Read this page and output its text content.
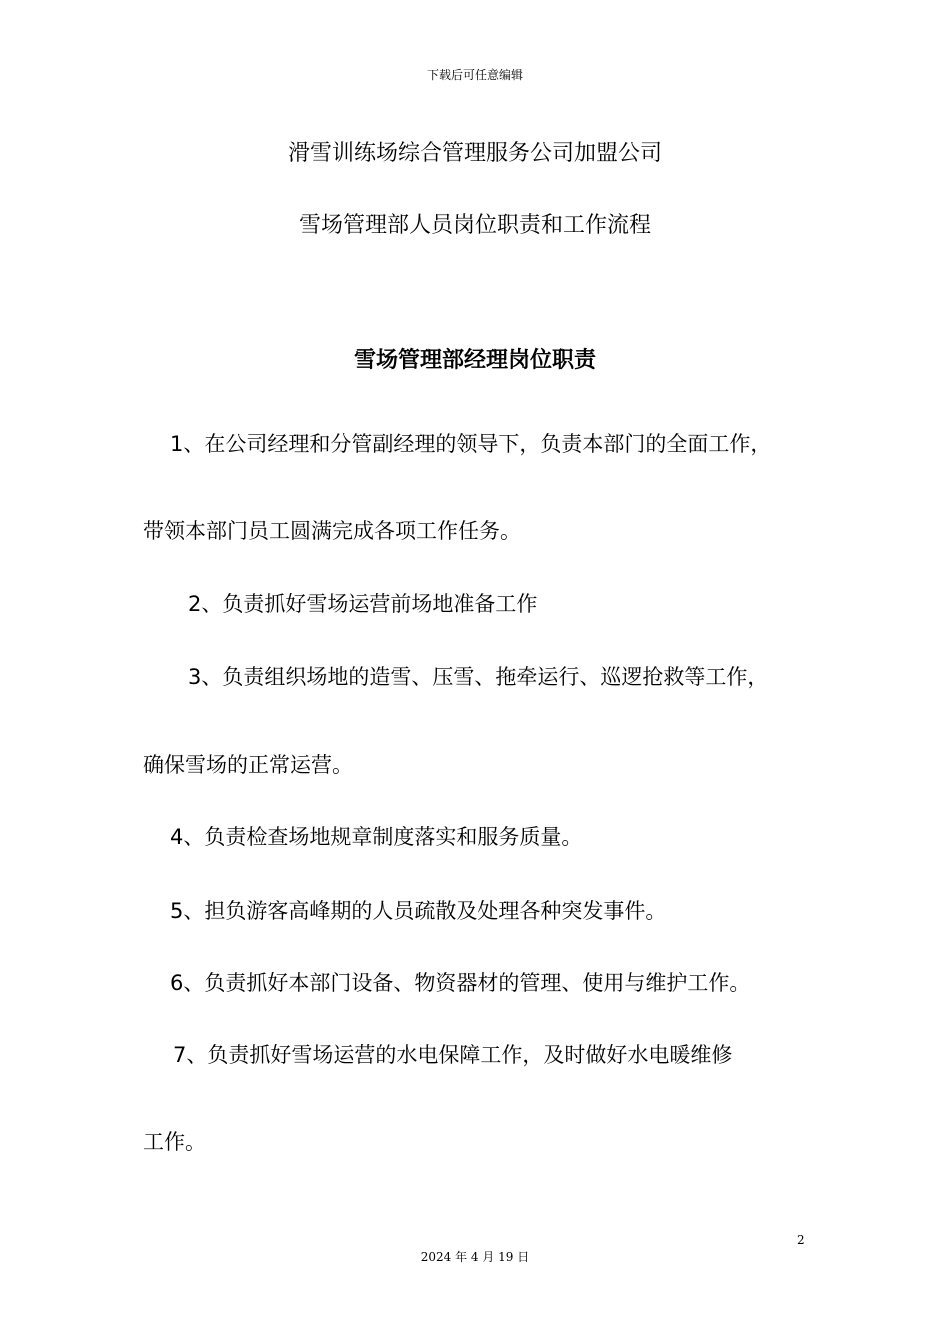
下载后可任意编辑
滑雪训练场综合管理服务公司加盟公司
雪场管理部人员岗位职责和工作流程
雪场管理部经理岗位职责
1、在公司经理和分管副经理的领导下，负责本部门的全面工作，
带领本部门员工圆满完成各项工作任务。
2、负责抓好雪场运营前场地准备工作
3、负责组织场地的造雪、压雪、拖牵运行、巡逻抢救等工作，
确保雪场的正常运营。
4、负责检查场地规章制度落实和服务质量。
5、担负游客高峰期的人员疏散及处理各种突发事件。
6、负责抓好本部门设备、物资器材的管理、使用与维护工作。
7、负责抓好雪场运营的水电保障工作，及时做好水电暖维修
工作。
2
2024 年 4 月 19 日
